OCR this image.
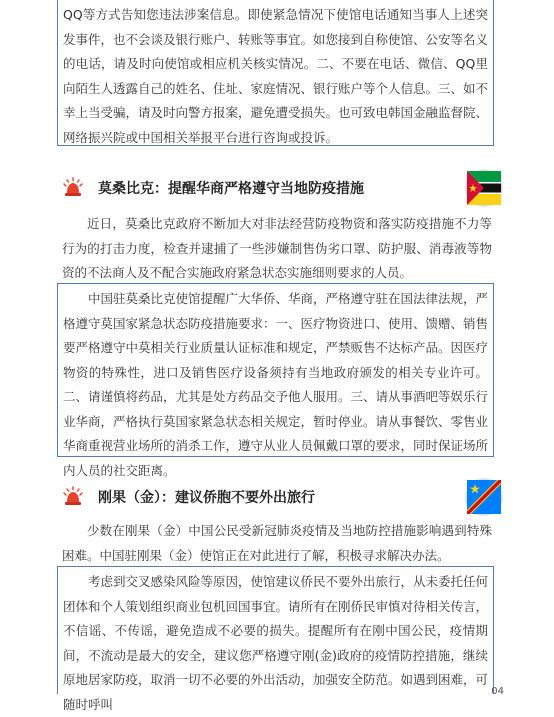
QQ等方式告知您违法涉案信息。即使紧急情况下使馆电话通知当事人上述突发事件，也不会谈及银行账户、转账等事宜。如您接到自称使馆、公安等名义的电话，请及时向使馆或相应机关核实情况。二、不要在电话、微信、QQ里向陌生人透露自己的姓名、住址、家庭情况、银行账户等个人信息。三、如不幸上当受骗，请及时向警方报案，避免遭受损失。也可致电韩国金融监督院、网络振兴院或中国相关举报平台进行咨询或投诉。
莫桑比克：提醒华商严格遵守当地防疫措施
近日，莫桑比克政府不断加大对非法经营防疫物资和落实防疫措施不力等行为的打击力度，检查并逮捕了一些涉嫌制售伪劣口罩、防护服、消毒液等物资的不法商人及不配合实施政府紧急状态实施细则要求的人员。
中国驻莫桑比克使馆提醒广大华侨、华商，严格遵守驻在国法律法规，严格遵守莫国家紧急状态防疫措施要求：一、医疗物资进口、使用、馈赠、销售要严格遵守中莫相关行业质量认证标准和规定，严禁贩售不达标产品。因医疗物资的特殊性，进口及销售医疗设备须持有当地政府颁发的相关专业许可。二、请谨慎将药品，尤其是处方药品交予他人服用。三、请从事酒吧等娱乐行业华商，严格执行莫国家紧急状态相关规定，暂时停业。请从事餐饮、零售业华商重视营业场所的消杀工作，遵守从业人员佩戴口罩的要求，同时保证场所内人员的社交距离。
刚果（金）：建议侨胞不要外出旅行
少数在刚果（金）中国公民受新冠肺炎疫情及当地防控措施影响遇到特殊困难。中国驻刚果（金）使馆正在对此进行了解，积极寻求解决办法。
考虑到交叉感染风险等原因，使馆建议侨民不要外出旅行，从未委托任何团体和个人策划组织商业包机回国事宜。请所有在刚侨民审慎对待相关传言，不信谣、不传谣，避免造成不必要的损失。提醒所有在刚中国公民，疫情期间，不流动是最大的安全，建议您严格遵守刚(金)政府的疫情防控措施，继续原地居家防疫，取消一切不必要的外出活动，加强安全防范。如遇到困难，可随时呼叫
04
